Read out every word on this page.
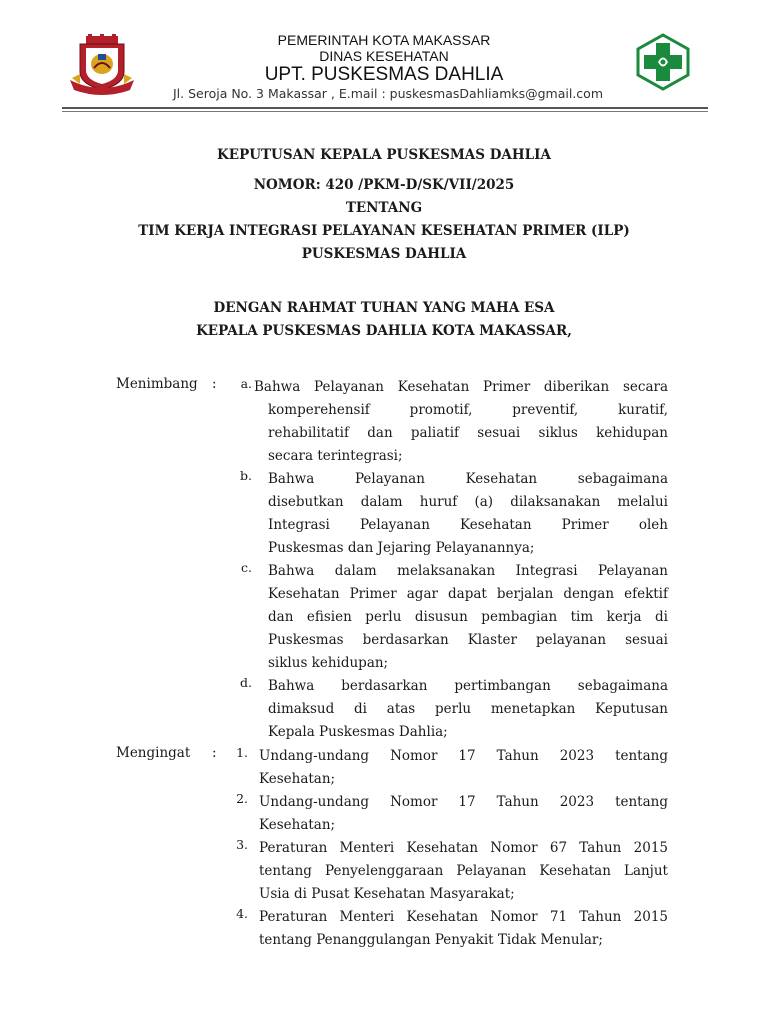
PEMERINTAH KOTA MAKASSAR
DINAS KESEHATAN
UPT. PUSKESMAS DAHLIA
Jl. Seroja No. 3 Makassar , E.mail : puskesmasDahliamks@gmail.com
KEPUTUSAN KEPALA PUSKESMAS DAHLIA
NOMOR: 420 /PKM-D/SK/VII/2025
TENTANG
TIM KERJA INTEGRASI PELAYANAN KESEHATAN PRIMER (ILP)
PUSKESMAS DAHLIA
DENGAN RAHMAT TUHAN YANG MAHA ESA
KEPALA PUSKESMAS DAHLIA KOTA MAKASSAR,
Menimbang :
Mengingat :
a. Bahwa Pelayanan Kesehatan Primer diberikan secara
komperehensif promotif, preventif, kuratif,
rehabilitatif dan paliatif sesuai siklus kehidupan
secara terintegrasi;
b. Bahwa Pelayanan Kesehatan sebagaimana
disebutkan dalam huruf (a) dilaksanakan melalui
Integrasi Pelayanan Kesehatan Primer oleh
Puskesmas dan Jejaring Pelayanannya;
c. Bahwa dalam melaksanakan Integrasi Pelayanan
Kesehatan Primer agar dapat berjalan dengan efektif
dan efisien perlu disusun pembagian tim kerja di
Puskesmas berdasarkan Klaster pelayanan sesuai
siklus kehidupan;
d. Bahwa berdasarkan pertimbangan sebagaimana
dimaksud di atas perlu menetapkan Keputusan
Kepala Puskesmas Dahlia;
1. Undang-undang Nomor 17 Tahun 2023 tentang
Kesehatan;
2. Undang-undang Nomor 17 Tahun 2023 tentang
Kesehatan;
3. Peraturan Menteri Kesehatan Nomor 67 Tahun 2015
tentang Penyelenggaraan Pelayanan Kesehatan Lanjut
Usia di Pusat Kesehatan Masyarakat;
4. Peraturan Menteri Kesehatan Nomor 71 Tahun 2015
tentang Penanggulangan Penyakit Tidak Menular;
